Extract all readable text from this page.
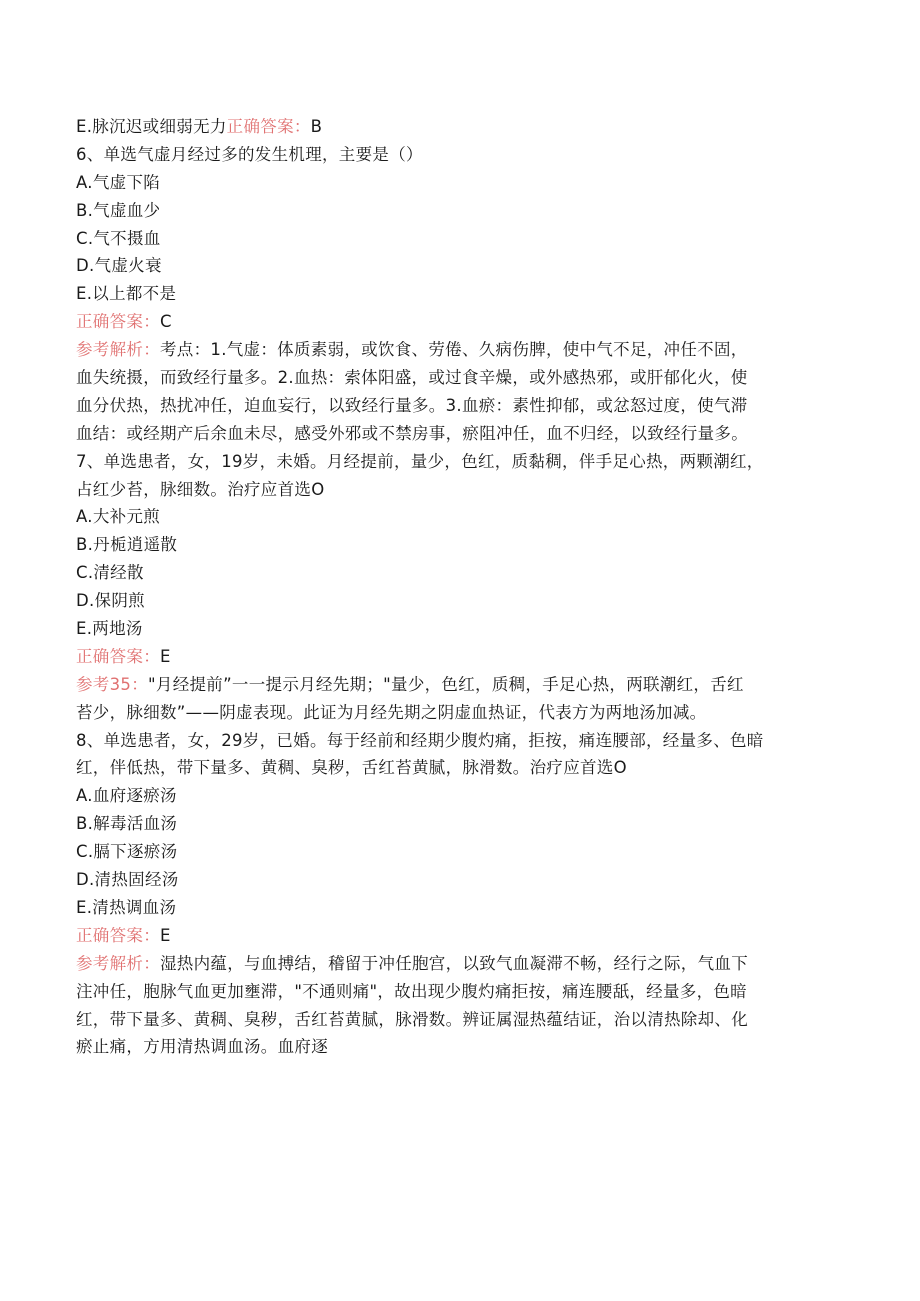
E.脉沉迟或细弱无力正确答案：B
6、单选气虚月经过多的发生机理，主要是（）
A.气虚下陷
B.气虚血少
C.气不摄血
D.气虚火衰
E.以上都不是
正确答案：C
参考解析：考点：1.气虚：体质素弱，或饮食、劳倦、久病伤脾，使中气不足，冲任不固，
血失统摄，而致经行量多。2.血热：索体阳盛，或过食辛燥，或外感热邪，或肝郁化火，使
血分伏热，热扰冲任，迫血妄行，以致经行量多。3.血瘀：素性抑郁，或忿怒过度，使气滞
血结：或经期产后余血未尽，感受外邪或不禁房事，瘀阻冲任，血不归经，以致经行量多。
7、单选患者，女，19岁，未婚。月经提前，量少，色红，质黏稠，伴手足心热，两颗潮红，
占红少苔，脉细数。治疗应首选O
A.大补元煎
B.丹栀逍遥散
C.清经散
D.保阴煎
E.两地汤
正确答案：E
参考35："月经提前”一一提示月经先期；"量少，色红，质稠，手足心热，两联潮红，舌红
苔少，脉细数”——阴虚表现。此证为月经先期之阴虚血热证，代表方为两地汤加减。
8、单选患者，女，29岁，已婚。每于经前和经期少腹灼痛，拒按，痛连腰部，经量多、色暗
红，伴低热，带下量多、黄稠、臭秽，舌红苔黄腻，脉滑数。治疗应首选O
A.血府逐瘀汤
B.解毒活血汤
C.膈下逐瘀汤
D.清热固经汤
E.清热调血汤
正确答案：E
参考解析：湿热内蕴，与血搏结，稽留于冲任胞宫，以致气血凝滞不畅，经行之际，气血下
注冲任，胞脉气血更加壅滞，"不通则痛"，故出现少腹灼痛拒按，痛连腰舐，经量多，色暗
红，带下量多、黄稠、臭秽，舌红苔黄腻，脉滑数。辨证属湿热蕴结证，治以清热除却、化
瘀止痛，方用清热调血汤。血府逐
